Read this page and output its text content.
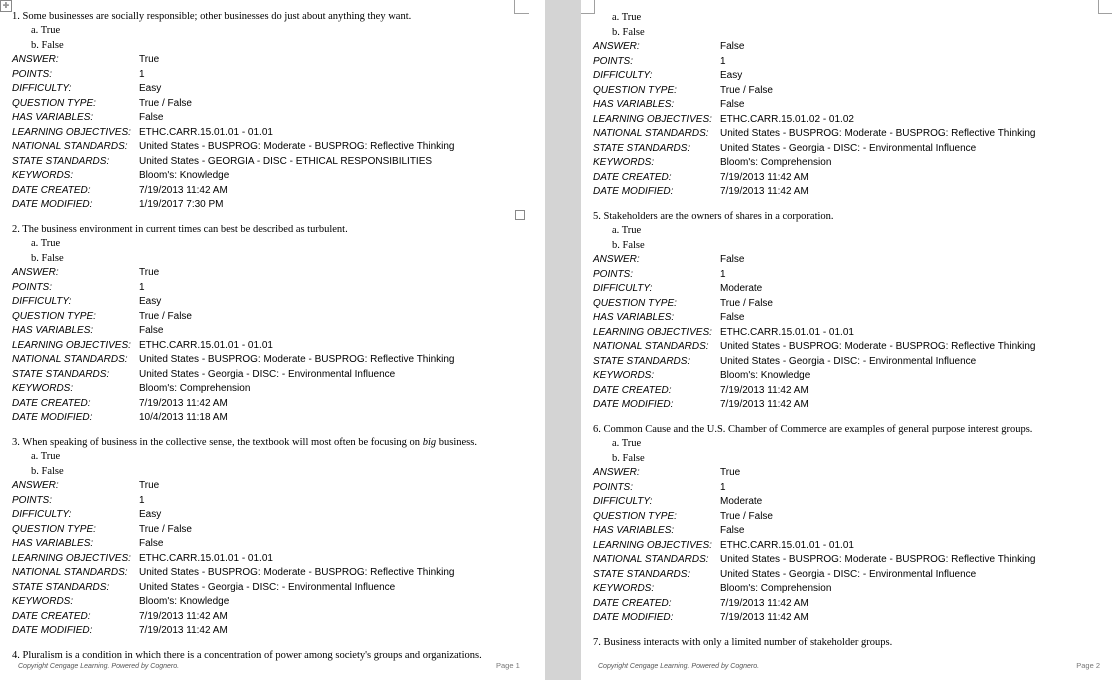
✛
1. Some businesses are socially responsible; other businesses do just about anything they want.
a. True
b. False
ANSWER:	True
POINTS:	1
DIFFICULTY:	Easy
QUESTION TYPE:	True / False
HAS VARIABLES:	False
LEARNING OBJECTIVES: ETHC.CARR.15.01.01 - 01.01
NATIONAL STANDARDS:	United States - BUSPROG: Moderate - BUSPROG: Reflective Thinking
STATE STANDARDS:	United States - GEORGIA - DISC - ETHICAL RESPONSIBILITIES
KEYWORDS:	Bloom's: Knowledge
DATE CREATED:	7/19/2013 11:42 AM
DATE MODIFIED:	1/19/2017 7:30 PM
2. The business environment in current times can best be described as turbulent.
a. True
b. False
ANSWER:	True
POINTS:	1
DIFFICULTY:	Easy
QUESTION TYPE:	True / False
HAS VARIABLES:	False
LEARNING OBJECTIVES: ETHC.CARR.15.01.01 - 01.01
NATIONAL STANDARDS:	United States - BUSPROG: Moderate - BUSPROG: Reflective Thinking
STATE STANDARDS:	United States - Georgia - DISC: - Environmental Influence
KEYWORDS:	Bloom's: Comprehension
DATE CREATED:	7/19/2013 11:42 AM
DATE MODIFIED:	10/4/2013 11:18 AM
3. When speaking of business in the collective sense, the textbook will most often be focusing on big business.
a. True
b. False
ANSWER:	True
POINTS:	1
DIFFICULTY:	Easy
QUESTION TYPE:	True / False
HAS VARIABLES:	False
LEARNING OBJECTIVES: ETHC.CARR.15.01.01 - 01.01
NATIONAL STANDARDS:	United States - BUSPROG: Moderate - BUSPROG: Reflective Thinking
STATE STANDARDS:	United States - Georgia - DISC: - Environmental Influence
KEYWORDS:	Bloom's: Knowledge
DATE CREATED:	7/19/2013 11:42 AM
DATE MODIFIED:	7/19/2013 11:42 AM
4. Pluralism is a condition in which there is a concentration of power among society's groups and organizations.
Copyright Cengage Learning. Powered by Cognero.	Page 1
a. True
b. False
ANSWER:	False
POINTS:	1
DIFFICULTY:	Easy
QUESTION TYPE:	True / False
HAS VARIABLES:	False
LEARNING OBJECTIVES: ETHC.CARR.15.01.02 - 01.02
NATIONAL STANDARDS:	United States - BUSPROG: Moderate - BUSPROG: Reflective Thinking
STATE STANDARDS:	United States - Georgia - DISC: - Environmental Influence
KEYWORDS:	Bloom's: Comprehension
DATE CREATED:	7/19/2013 11:42 AM
DATE MODIFIED:	7/19/2013 11:42 AM
5. Stakeholders are the owners of shares in a corporation.
a. True
b. False
ANSWER:	False
POINTS:	1
DIFFICULTY:	Moderate
QUESTION TYPE:	True / False
HAS VARIABLES:	False
LEARNING OBJECTIVES: ETHC.CARR.15.01.01 - 01.01
NATIONAL STANDARDS:	United States - BUSPROG: Moderate - BUSPROG: Reflective Thinking
STATE STANDARDS:	United States - Georgia - DISC: - Environmental Influence
KEYWORDS:	Bloom's: Knowledge
DATE CREATED:	7/19/2013 11:42 AM
DATE MODIFIED:	7/19/2013 11:42 AM
6. Common Cause and the U.S. Chamber of Commerce are examples of general purpose interest groups.
a. True
b. False
ANSWER:	True
POINTS:	1
DIFFICULTY:	Moderate
QUESTION TYPE:	True / False
HAS VARIABLES:	False
LEARNING OBJECTIVES: ETHC.CARR.15.01.01 - 01.01
NATIONAL STANDARDS:	United States - BUSPROG: Moderate - BUSPROG: Reflective Thinking
STATE STANDARDS:	United States - Georgia - DISC: - Environmental Influence
KEYWORDS:	Bloom's: Comprehension
DATE CREATED:	7/19/2013 11:42 AM
DATE MODIFIED:	7/19/2013 11:42 AM
7. Business interacts with only a limited number of stakeholder groups.
Copyright Cengage Learning. Powered by Cognero.	Page 2
